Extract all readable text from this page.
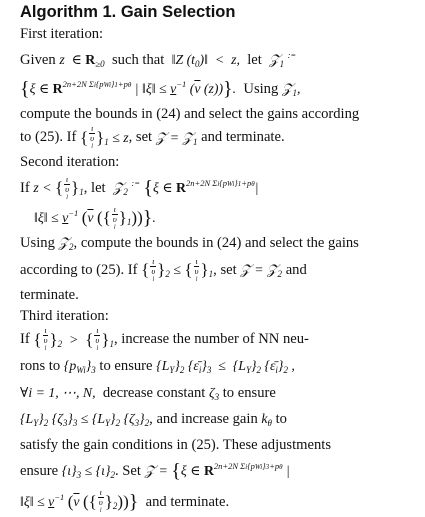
Algorithm 1. Gain Selection
First iteration:
Given z  ∈ $R_{\ge 0}$ such that ‖Z $(t_0)‖ < z$, let 𝒵$_1$ :=
{ξ ∈ $R^{2n+2N \Sigma i\{pWi\}1+p\theta}$ | ‖ξ‖ ≤ $v^{-1}$ ($\overline{v}$ (z))}. Using 𝒵$_1$,
compute the bounds in (24) and select the gains according
to (25). If { ι
υ
l }$_1 \le z$, set 𝒵 = 𝒵$_1$ and terminate.
Second iteration:
If z < { ι
υ
l }$_1$, let 𝒵$_2$ := {ξ ∈ $R^{2n+2N \Sigma i\{pWi\}1+p\theta}|$
‖ξ‖ ≤ $v^{-1}$ ($\overline{v}$ ({ ι
υ
l }$_1$))}.
Using 𝒵$_2$, compute the bounds in (24) and select the gains
according to (25). If { ι
υ
l }$_2$ ≤ { ι
υ
l }$_1$, set 𝒵 = 𝒵$_2$ and
terminate.
Third iteration:
If { ι
υ
l }$_2$  >  { ι
υ
l }$_1$, increase the number of NN neu-
rons to $\{p_{Wi}\}_3$ to ensure $\{L_Y\}_2$ $\{\varepsilon̄_i\}_3 \le \{L_Y\}_2$ $\{\varepsilon̄_i\}_2$ ,
∀i = 1, ⋯, N, decrease constant $\zeta_3$ to ensure
$\{L_Y\}_2$ $\{\zeta_3\}_3 \le \{L_Y\}_2$ $\{\zeta_3\}_2$, and increase gain $k_\theta$ to
satisfy the gain conditions in (25). These adjustments
ensure $\{\iota\}_3 \le \{\iota\}_2$. Set 𝒵 = {ξ ∈ $R^{2n+2N \Sigma i\{pWi\}3+p\theta}$ |
‖ξ‖ ≤ $v^{-1}$ ($\overline{v}$ ({ ι
υ
l }$_2$))} and terminate.
